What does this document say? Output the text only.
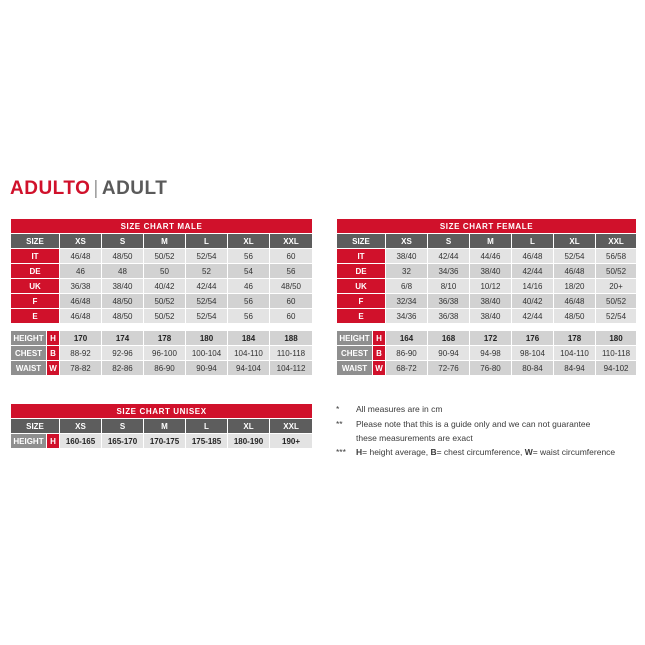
ADULTO | ADULT
SIZE CHART MALE							
SIZE		XS	S	M	L	XL	XXL
IT		46/48	48/50	50/52	52/54	56	60
DE		46	48	50	52	54	56
UK		36/38	38/40	40/42	42/44	46	48/50
F		46/48	48/50	50/52	52/54	56	60
E		46/48	48/50	50/52	52/54	56	60

HEIGHT	H	170	174	178	180	184	188
CHEST	B	88-92	92-96	96-100	100-104	104-110	110-118
WAIST	W	78-82	82-86	86-90	90-94	94-104	104-112
SIZE CHART FEMALE							
SIZE		XS	S	M	L	XL	XXL
IT		38/40	42/44	44/46	46/48	52/54	56/58
DE		32	34/36	38/40	42/44	46/48	50/52
UK		6/8	8/10	10/12	14/16	18/20	20+
F		32/34	36/38	38/40	40/42	46/48	50/52
E		34/36	36/38	38/40	42/44	48/50	52/54

HEIGHT	H	164	168	172	176	178	180
CHEST	B	86-90	90-94	94-98	98-104	104-110	110-118
WAIST	W	68-72	72-76	76-80	80-84	84-94	94-102
SIZE CHART UNISEX							
SIZE		XS	S	M	L	XL	XXL
HEIGHT	H	160-165	165-170	170-175	175-185	180-190	190+
*	All measures are in cm
**	Please note that this is a guide only and we can not guarantee
these measurements are exact
***	H= height average, B= chest circumference, W= waist circumference
